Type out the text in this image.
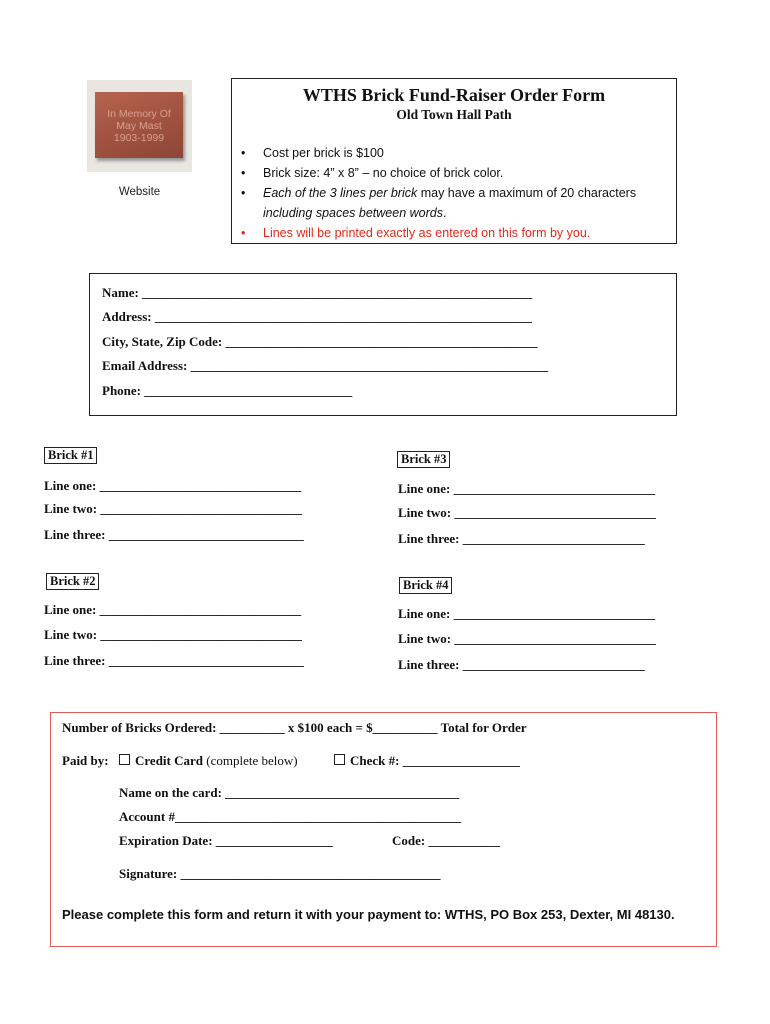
In Memory Of
May Mast
1903-1999
Website
WTHS Brick Fund-Raiser Order Form
Old Town Hall Path
• Cost per brick is $100
• Brick size: 4” x 8” – no choice of brick color.
• Each of the 3 lines per brick may have a maximum of 20 characters including spaces between words.
• Lines will be printed exactly as entered on this form by you.
Name: ____________________________________________________________
Address: __________________________________________________________
City, State, Zip Code: ________________________________________________
Email Address: _______________________________________________________
Phone: ________________________________
Brick #1
Line one: _______________________________
Line two: _______________________________
Line three: ______________________________
Brick #2
Line one: _______________________________
Line two: _______________________________
Line three: ______________________________
Brick #3
Line one: _______________________________
Line two: _______________________________
Line three: ____________________________
Brick #4
Line one: _______________________________
Line two: _______________________________
Line three: ____________________________
Number of Bricks Ordered: __________ x $100 each = $__________ Total for Order
Paid by:	Credit Card (complete below)	Check #: __________________
Name on the card: ____________________________________
Account #____________________________________________
Expiration Date: __________________	Code: ___________
Signature: ________________________________________
Please complete this form and return it with your payment to: WTHS, PO Box 253, Dexter, MI 48130.
